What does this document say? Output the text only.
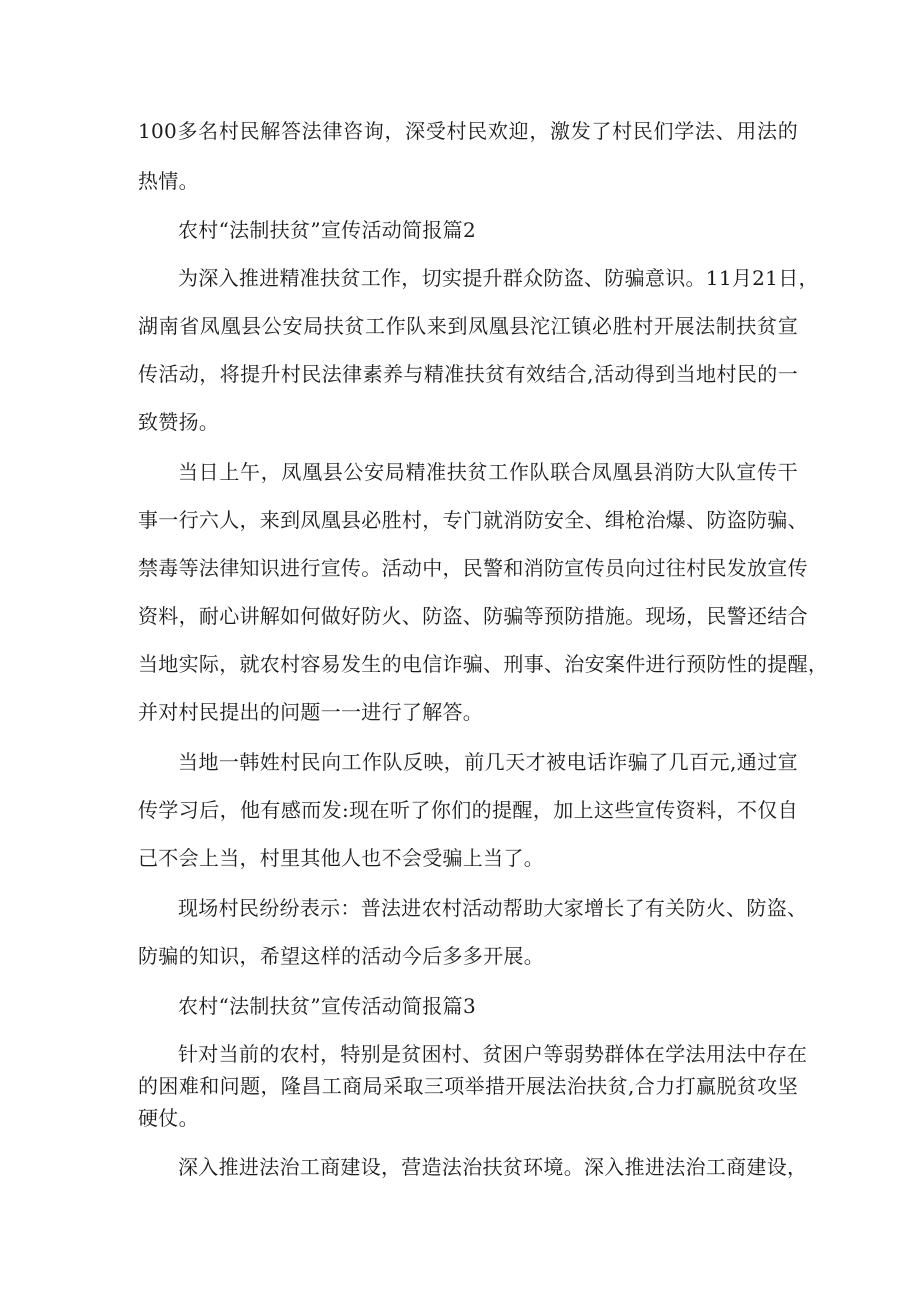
100多名村民解答法律咨询，深受村民欢迎，激发了村民们学法、用法的
热情。
农村“法制扶贫”宣传活动简报篇2
为深入推进精准扶贫工作，切实提升群众防盗、防骗意识。11月21日，
湖南省凤凰县公安局扶贫工作队来到凤凰县沱江镇必胜村开展法制扶贫宣
传活动，将提升村民法律素养与精准扶贫有效结合,活动得到当地村民的一
致赞扬。
当日上午，凤凰县公安局精准扶贫工作队联合凤凰县消防大队宣传干
事一行六人，来到凤凰县必胜村，专门就消防安全、缉枪治爆、防盗防骗、
禁毒等法律知识进行宣传。活动中，民警和消防宣传员向过往村民发放宣传
资料，耐心讲解如何做好防火、防盗、防骗等预防措施。现场，民警还结合
当地实际，就农村容易发生的电信诈骗、刑事、治安案件进行预防性的提醒，
并对村民提出的问题一一进行了解答。
当地一韩姓村民向工作队反映，前几天才被电话诈骗了几百元,通过宣
传学习后，他有感而发:现在听了你们的提醒，加上这些宣传资料，不仅自
己不会上当，村里其他人也不会受骗上当了。
现场村民纷纷表示：普法进农村活动帮助大家增长了有关防火、防盗、
防骗的知识，希望这样的活动今后多多开展。
农村“法制扶贫”宣传活动简报篇3
针对当前的农村，特别是贫困村、贫困户等弱势群体在学法用法中存在
的困难和问题，隆昌工商局采取三项举措开展法治扶贫,合力打赢脱贫攻坚
硬仗。
深入推进法治工商建设，营造法治扶贫环境。深入推进法治工商建设，
